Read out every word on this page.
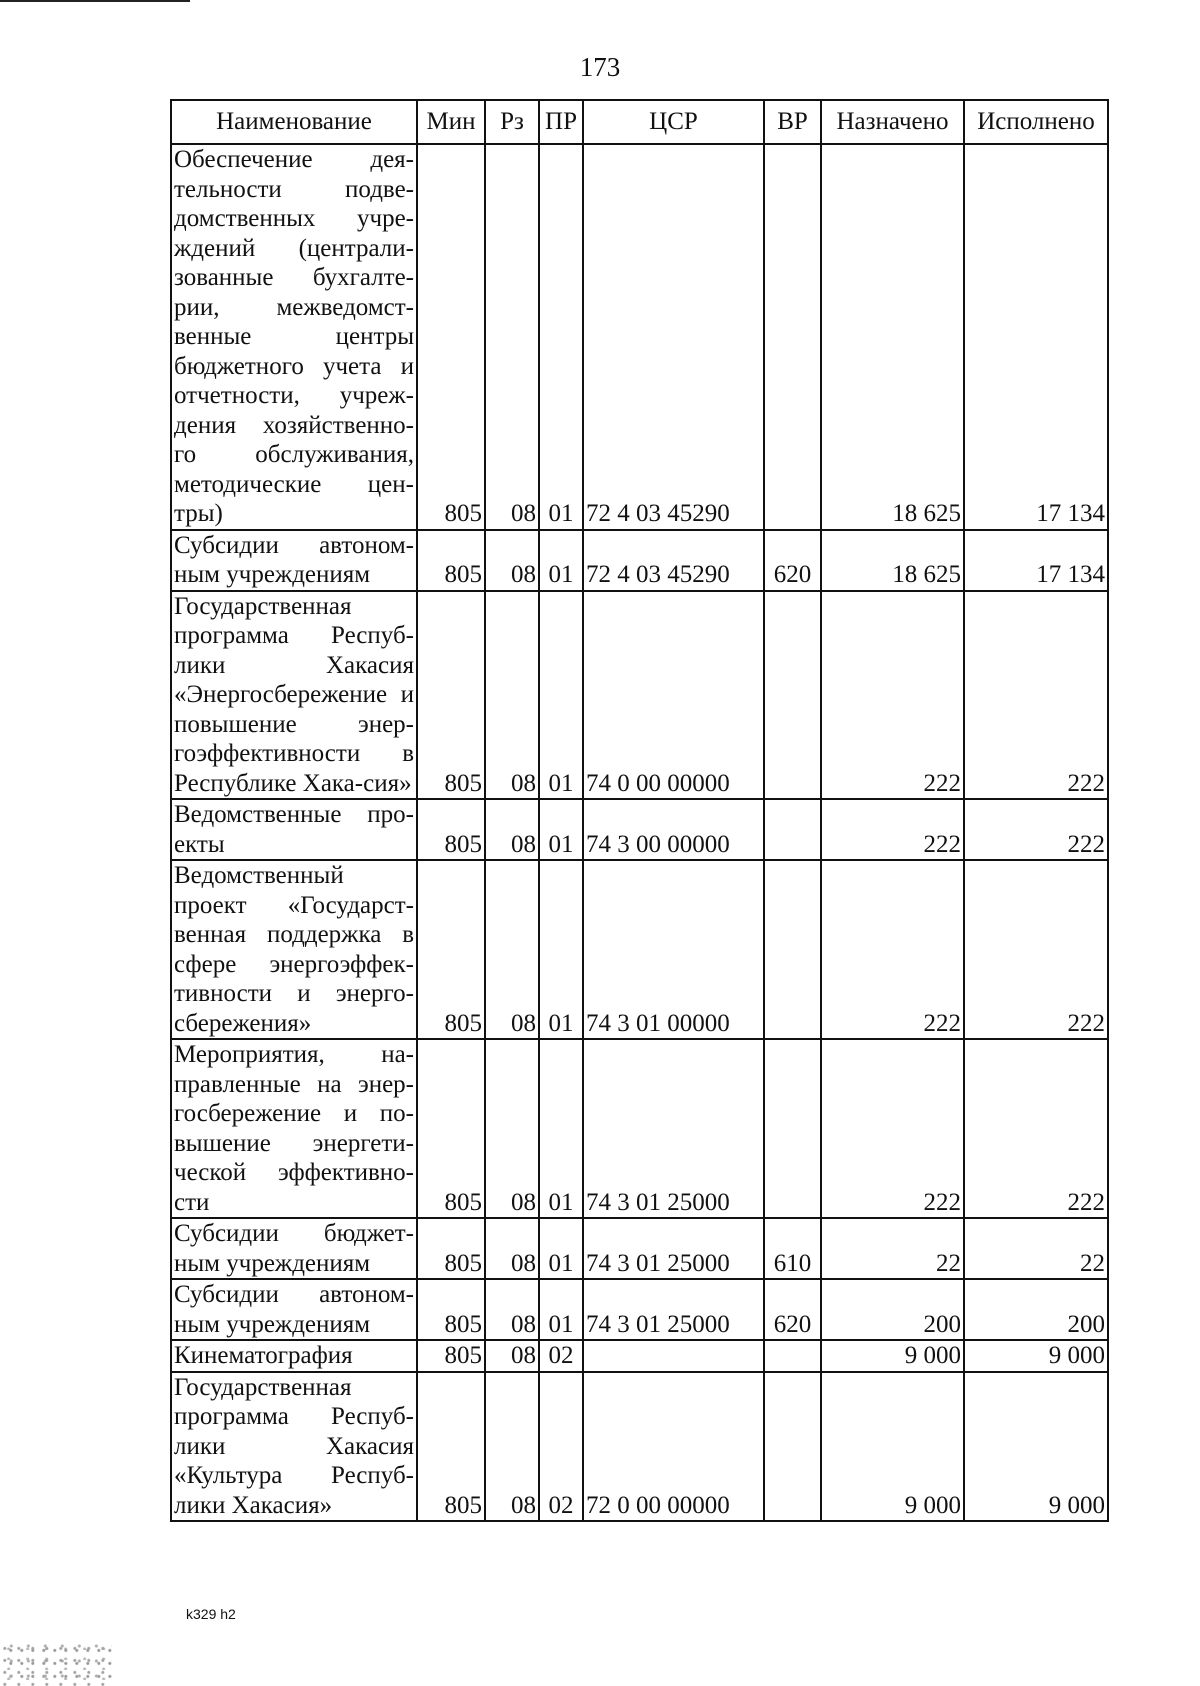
173
Наименование	Мин	Рз	ПР	ЦСР	ВР	Назначено	Исполнено
Обеспечение дея-тельности подве-домственных учре-ждений (централи-зованные бухгалте-рии, межведомст-венные центры бюджетного учета и отчетности, учреж-дения хозяйственно-го обслуживания, методические цен-тры)	805	08	01	72 4 03 45290		18 625	17 134
Субсидии автоном-ным учреждениям	805	08	01	72 4 03 45290	620	18 625	17 134
Государственная программа Респуб-лики Хакасия «Энергосбережение и повышение энер-гоэффективности в Республике Хака-сия»	805	08	01	74 0 00 00000		222	222
Ведомственные про-екты	805	08	01	74 3 00 00000		222	222
Ведомственный проект «Государст-венная поддержка в сфере энергоэффек-тивности и энерго-сбережения»	805	08	01	74 3 01 00000		222	222
Мероприятия, на-правленные на энер-госбережение и по-вышение энергети-ческой эффективно-сти	805	08	01	74 3 01 25000		222	222
Субсидии бюджет-ным учреждениям	805	08	01	74 3 01 25000	610	22	22
Субсидии автоном-ным учреждениям	805	08	01	74 3 01 25000	620	200	200
Кинематография	805	08	02			9 000	9 000
Государственная программа Респуб-лики Хакасия «Культура Респуб-лики Хакасия»	805	08	02	72 0 00 00000		9 000	9 000
k329 h2
